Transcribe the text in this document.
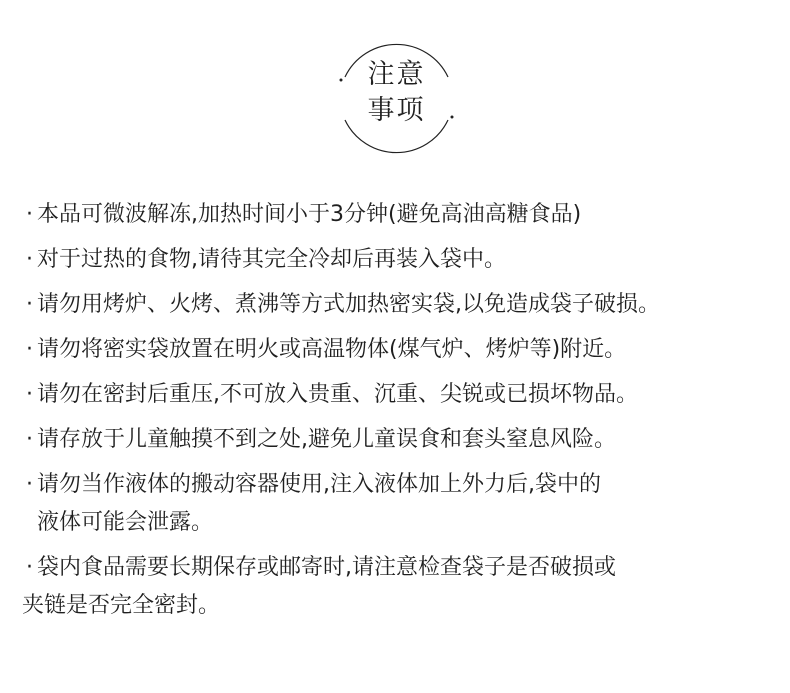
注意
事项
· 本品可微波解冻,加热时间小于3分钟(避免高油高糖食品)
· 对于过热的食物,请待其完全冷却后再装入袋中。
· 请勿用烤炉、火烤、煮沸等方式加热密实袋,以免造成袋子破损。
· 请勿将密实袋放置在明火或高温物体(煤气炉、烤炉等)附近。
· 请勿在密封后重压,不可放入贵重、沉重、尖锐或已损坏物品。
· 请存放于儿童触摸不到之处,避免儿童误食和套头窒息风险。
· 请勿当作液体的搬动容器使用,注入液体加上外力后,袋中的
液体可能会泄露。
· 袋内食品需要长期保存或邮寄时,请注意检查袋子是否破损或
夹链是否完全密封。
